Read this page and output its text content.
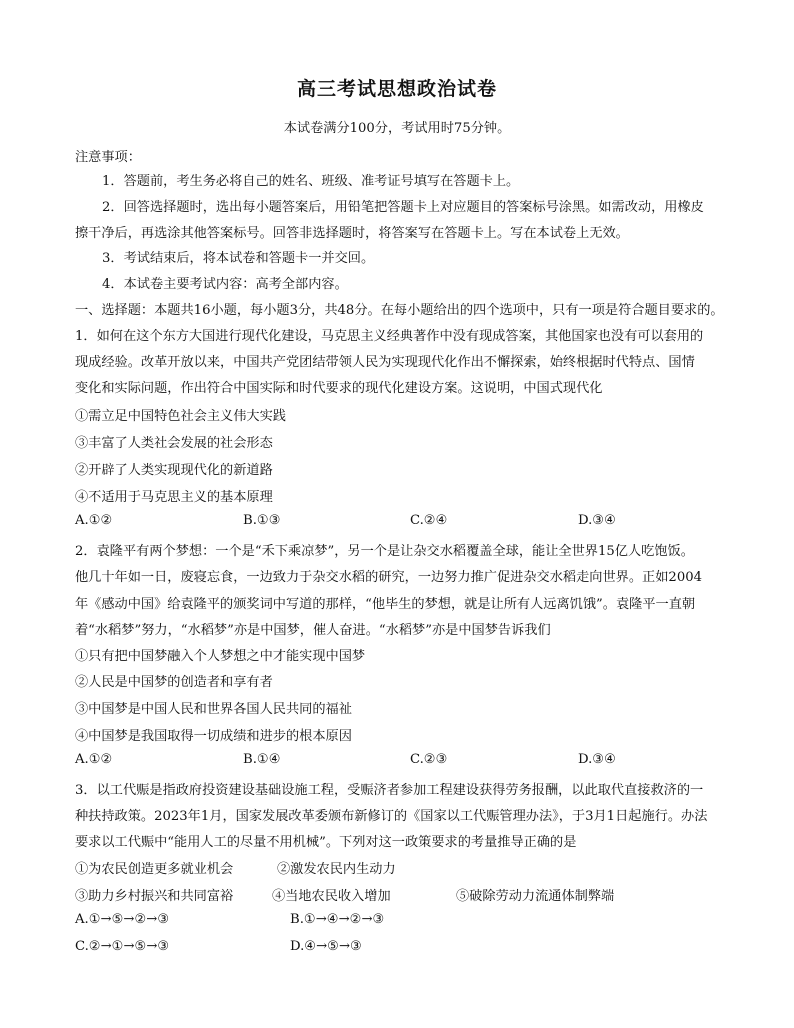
高三考试思想政治试卷
本试卷满分100分，考试用时75分钟。
注意事项：
1．答题前，考生务必将自己的姓名、班级、准考证号填写在答题卡上。
2．回答选择题时，选出每小题答案后，用铅笔把答题卡上对应题目的答案标号涂黑。如需改动，用橡皮
擦干净后，再选涂其他答案标号。回答非选择题时，将答案写在答题卡上。写在本试卷上无效。
3．考试结束后，将本试卷和答题卡一并交回。
4．本试卷主要考试内容：高考全部内容。
一、选择题：本题共16小题，每小题3分，共48分。在每小题给出的四个选项中，只有一项是符合题目要求的。
1．如何在这个东方大国进行现代化建设，马克思主义经典著作中没有现成答案，其他国家也没有可以套用的
现成经验。改革开放以来，中国共产党团结带领人民为实现现代化作出不懈探索，始终根据时代特点、国情
变化和实际问题，作出符合中国实际和时代要求的现代化建设方案。这说明，中国式现代化
①需立足中国特色社会主义伟大实践
③丰富了人类社会发展的社会形态
②开辟了人类实现现代化的新道路
④不适用于马克思主义的基本原理
A.①②	B.①③	C.②④	D.③④
2．袁隆平有两个梦想：一个是“禾下乘凉梦”，另一个是让杂交水稻覆盖全球，能让全世界15亿人吃饱饭。
他几十年如一日，废寝忘食，一边致力于杂交水稻的研究，一边努力推广促进杂交水稻走向世界。正如2004
年《感动中国》给袁隆平的颁奖词中写道的那样，“他毕生的梦想，就是让所有人远离饥饿”。袁隆平一直朝
着“水稻梦”努力，“水稻梦”亦是中国梦，催人奋进。“水稻梦”亦是中国梦告诉我们
①只有把中国梦融入个人梦想之中才能实现中国梦
②人民是中国梦的创造者和享有者
③中国梦是中国人民和世界各国人民共同的福祉
④中国梦是我国取得一切成绩和进步的根本原因
A.①②	B.①④	C.②③	D.③④
3．以工代赈是指政府投资建设基础设施工程，受赈济者参加工程建设获得劳务报酬，以此取代直接救济的一
种扶持政策。2023年1月，国家发展改革委颁布新修订的《国家以工代赈管理办法》，于3月1日起施行。办法
要求以工代赈中“能用人工的尽量不用机械”。下列对这一政策要求的考量推导正确的是
①为农民创造更多就业机会	②激发农民内生动力
③助力乡村振兴和共同富裕	④当地农民收入增加	⑤破除劳动力流通体制弊端
A.①→⑤→②→③	B.①→④→②→③
C.②→①→⑤→③	D.④→⑤→③
